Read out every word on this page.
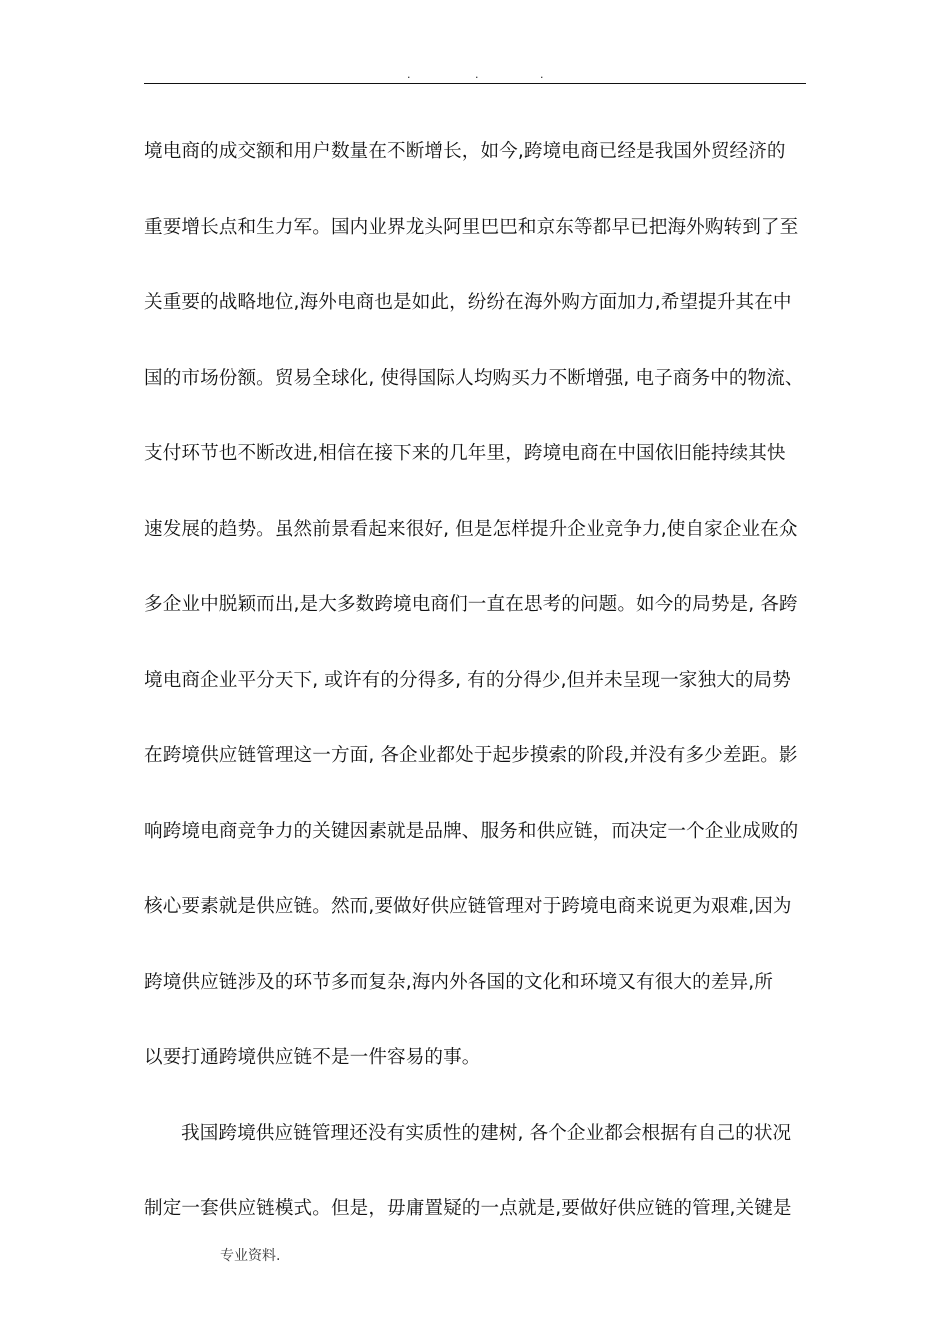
.	.	.
境电商的成交额和用户数量在不断增长，如今,跨境电商已经是我国外贸经济的
重要增长点和生力军。国内业界龙头阿里巴巴和京东等都早已把海外购转到了至
关重要的战略地位,海外电商也是如此，纷纷在海外购方面加力,希望提升其在中
国的市场份额。贸易全球化, 使得国际人均购买力不断增强, 电子商务中的物流、
支付环节也不断改进,相信在接下来的几年里，跨境电商在中国依旧能持续其快
速发展的趋势。虽然前景看起来很好, 但是怎样提升企业竞争力,使自家企业在众
多企业中脱颖而出,是大多数跨境电商们一直在思考的问题。如今的局势是, 各跨
境电商企业平分天下, 或许有的分得多, 有的分得少,但并未呈现一家独大的局势
在跨境供应链管理这一方面, 各企业都处于起步摸索的阶段,并没有多少差距。影
响跨境电商竞争力的关键因素就是品牌、服务和供应链，而决定一个企业成败的
核心要素就是供应链。然而,要做好供应链管理对于跨境电商来说更为艰难,因为
跨境供应链涉及的环节多而复杂,海内外各国的文化和环境又有很大的差异,所
以要打通跨境供应链不是一件容易的事。
我国跨境供应链管理还没有实质性的建树, 各个企业都会根据有自己的状况
制定一套供应链模式。但是，毋庸置疑的一点就是,要做好供应链的管理,关键是
专业资料.
